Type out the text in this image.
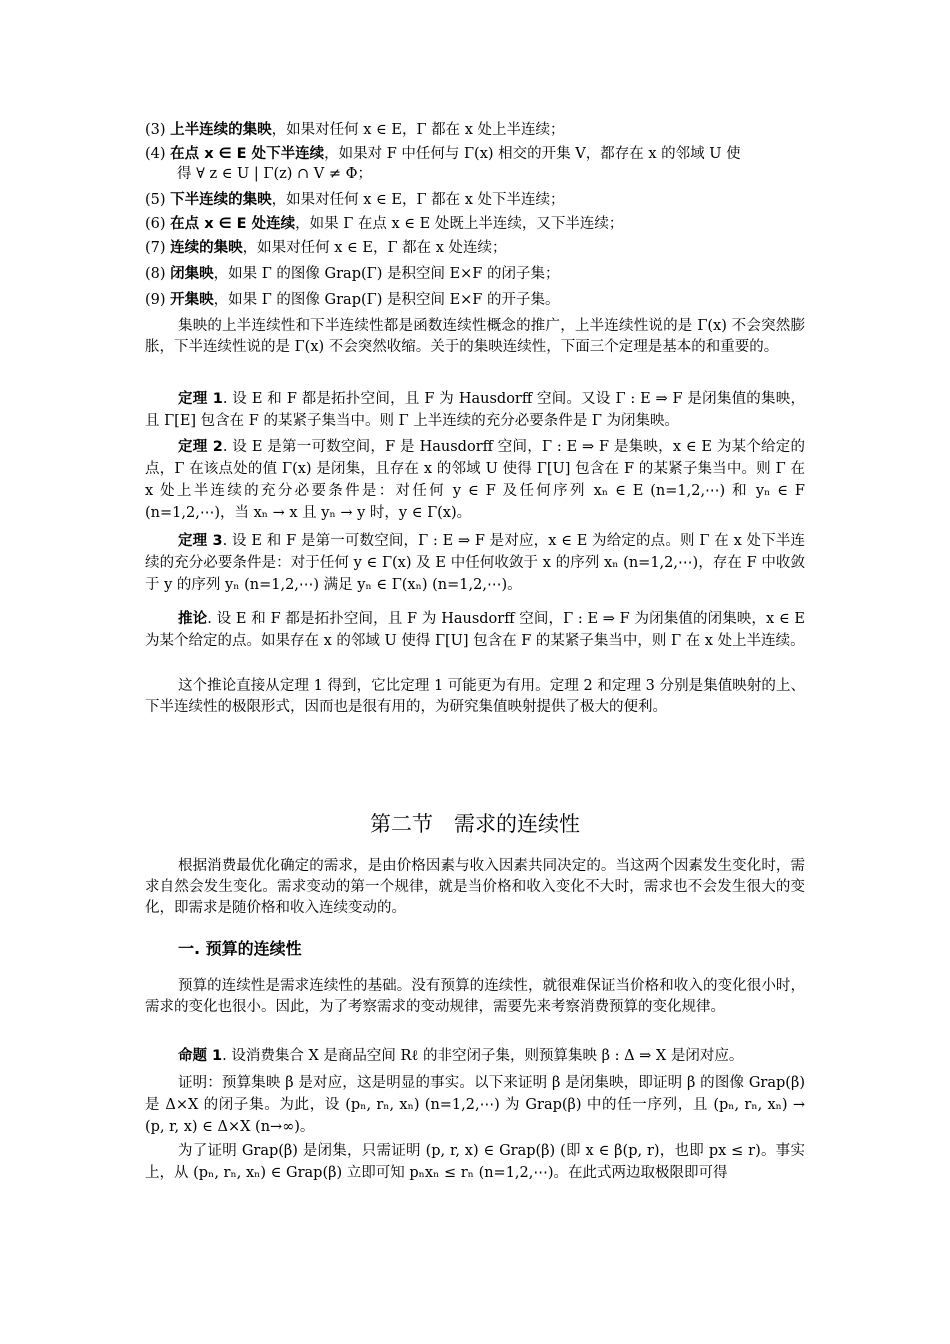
(3) 上半连续的集映，如果对任何 x ∈ E，Γ 都在 x 处上半连续；
(4) 在点 x ∈ E 处下半连续，如果对 F 中任何与 Γ(x) 相交的开集 V，都存在 x 的邻域 U 使
得 ∀ z ∈ U | Γ(z) ∩ V ≠ Φ；
(5) 下半连续的集映，如果对任何 x ∈ E，Γ 都在 x 处下半连续；
(6) 在点 x ∈ E 处连续，如果 Γ 在点 x ∈ E 处既上半连续，又下半连续；
(7) 连续的集映，如果对任何 x ∈ E，Γ 都在 x 处连续；
(8) 闭集映，如果 Γ 的图像 Grap(Γ) 是积空间 E×F 的闭子集；
(9) 开集映，如果 Γ 的图像 Grap(Γ) 是积空间 E×F 的开子集。
集映的上半连续性和下半连续性都是函数连续性概念的推广，上半连续性说的是 Γ(x) 不会突然膨胀，下半连续性说的是 Γ(x) 不会突然收缩。关于的集映连续性，下面三个定理是基本的和重要的。
定理 1. 设 E 和 F 都是拓扑空间，且 F 为 Hausdorff 空间。又设 Γ : E ⇒ F 是闭集值的集映，且 Γ[E] 包含在 F 的某紧子集当中。则 Γ 上半连续的充分必要条件是 Γ 为闭集映。
定理 2. 设 E 是第一可数空间，F 是 Hausdorff 空间，Γ : E ⇒ F 是集映，x ∈ E 为某个给定的点，Γ 在该点处的值 Γ(x) 是闭集，且存在 x 的邻域 U 使得 Γ[U] 包含在 F 的某紧子集当中。则 Γ 在 x 处上半连续的充分必要条件是：对任何 y ∈ F 及任何序列 xₙ ∈ E (n=1,2,⋯) 和 yₙ ∈ F (n=1,2,⋯)，当 xₙ → x 且 yₙ → y 时，y ∈ Γ(x)。
定理 3. 设 E 和 F 是第一可数空间，Γ : E ⇒ F 是对应，x ∈ E 为给定的点。则 Γ 在 x 处下半连续的充分必要条件是：对于任何 y ∈ Γ(x) 及 E 中任何收敛于 x 的序列 xₙ (n=1,2,⋯)，存在 F 中收敛于 y 的序列 yₙ (n=1,2,⋯) 满足 yₙ ∈ Γ(xₙ) (n=1,2,⋯)。
推论. 设 E 和 F 都是拓扑空间，且 F 为 Hausdorff 空间，Γ : E ⇒ F 为闭集值的闭集映，x ∈ E 为某个给定的点。如果存在 x 的邻域 U 使得 Γ[U] 包含在 F 的某紧子集当中，则 Γ 在 x 处上半连续。
这个推论直接从定理 1 得到，它比定理 1 可能更为有用。定理 2 和定理 3 分别是集值映射的上、下半连续性的极限形式，因而也是很有用的，为研究集值映射提供了极大的便利。
第二节　需求的连续性
根据消费最优化确定的需求，是由价格因素与收入因素共同决定的。当这两个因素发生变化时，需求自然会发生变化。需求变动的第一个规律，就是当价格和收入变化不大时，需求也不会发生很大的变化，即需求是随价格和收入连续变动的。
一. 预算的连续性
预算的连续性是需求连续性的基础。没有预算的连续性，就很难保证当价格和收入的变化很小时，需求的变化也很小。因此，为了考察需求的变动规律，需要先来考察消费预算的变化规律。
命题 1. 设消费集合 X 是商品空间 Rℓ 的非空闭子集，则预算集映 β : Δ ⇒ X 是闭对应。
证明：预算集映 β 是对应，这是明显的事实。以下来证明 β 是闭集映，即证明 β 的图像 Grap(β) 是 Δ×X 的闭子集。为此，设 (pₙ, rₙ, xₙ) (n=1,2,⋯) 为 Grap(β) 中的任一序列，且 (pₙ, rₙ, xₙ) → (p, r, x) ∈ Δ×X (n→∞)。
为了证明 Grap(β) 是闭集，只需证明 (p, r, x) ∈ Grap(β) (即 x ∈ β(p, r)，也即 px ≤ r)。事实上，从 (pₙ, rₙ, xₙ) ∈ Grap(β) 立即可知 pₙxₙ ≤ rₙ (n=1,2,⋯)。在此式两边取极限即可得
